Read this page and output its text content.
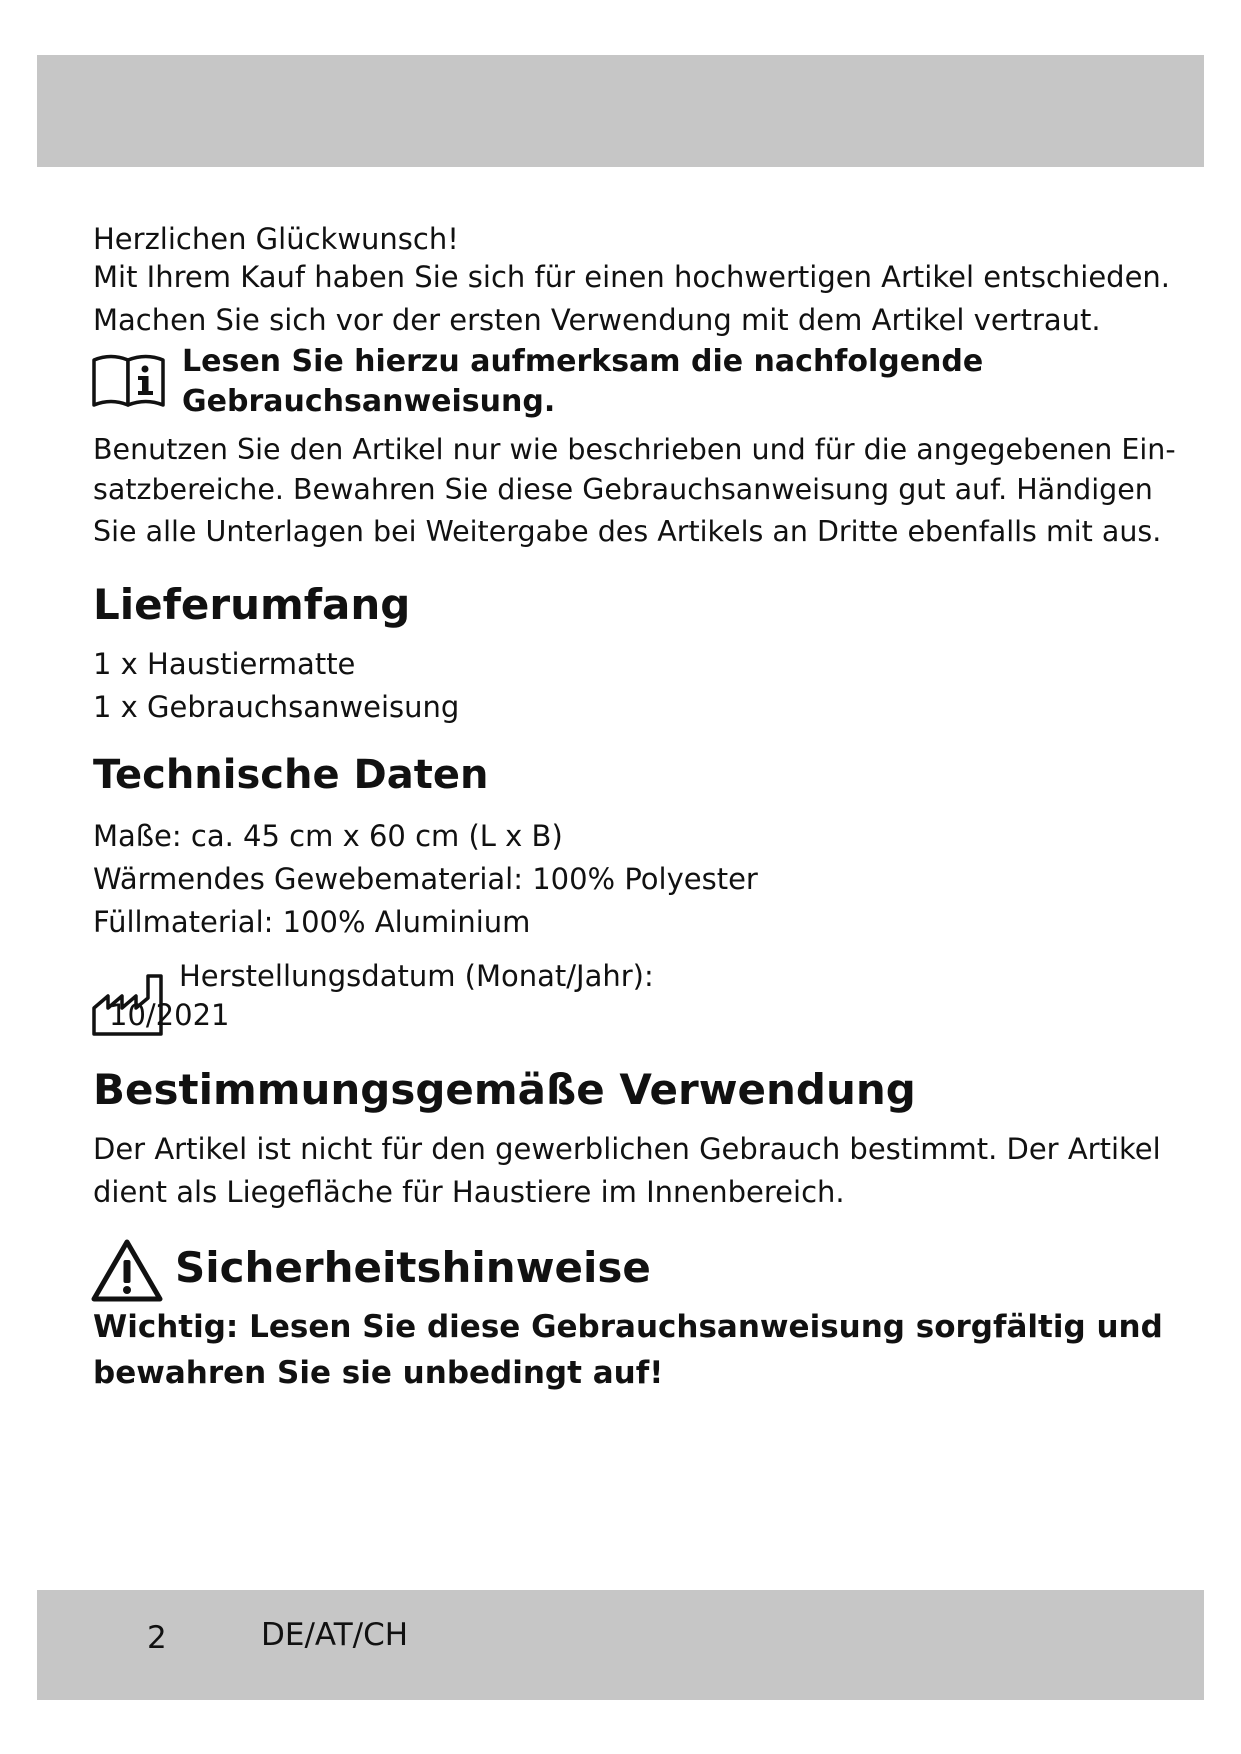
Herzlichen Glückwunsch!
Mit Ihrem Kauf haben Sie sich für einen hochwertigen Artikel entschieden.
Machen Sie sich vor der ersten Verwendung mit dem Artikel vertraut.
Lesen Sie hierzu aufmerksam die nachfolgende
Gebrauchsanweisung.
Benutzen Sie den Artikel nur wie beschrieben und für die angegebenen Ein-
satzbereiche. Bewahren Sie diese Gebrauchsanweisung gut auf. Händigen
Sie alle Unterlagen bei Weitergabe des Artikels an Dritte ebenfalls mit aus.
Lieferumfang
1 x Haustiermatte
1 x Gebrauchsanweisung
Technische Daten
Maße: ca. 45 cm x 60 cm (L x B)
Wärmendes Gewebematerial: 100% Polyester
Füllmaterial: 100% Aluminium
Herstellungsdatum (Monat/Jahr):
10/2021
Bestimmungsgemäße Verwendung
Der Artikel ist nicht für den gewerblichen Gebrauch bestimmt. Der Artikel
dient als Liegefläche für Haustiere im Innenbereich.
Sicherheitshinweise
Wichtig: Lesen Sie diese Gebrauchsanweisung sorgfältig und
bewahren Sie sie unbedingt auf!
2	DE/AT/CH
